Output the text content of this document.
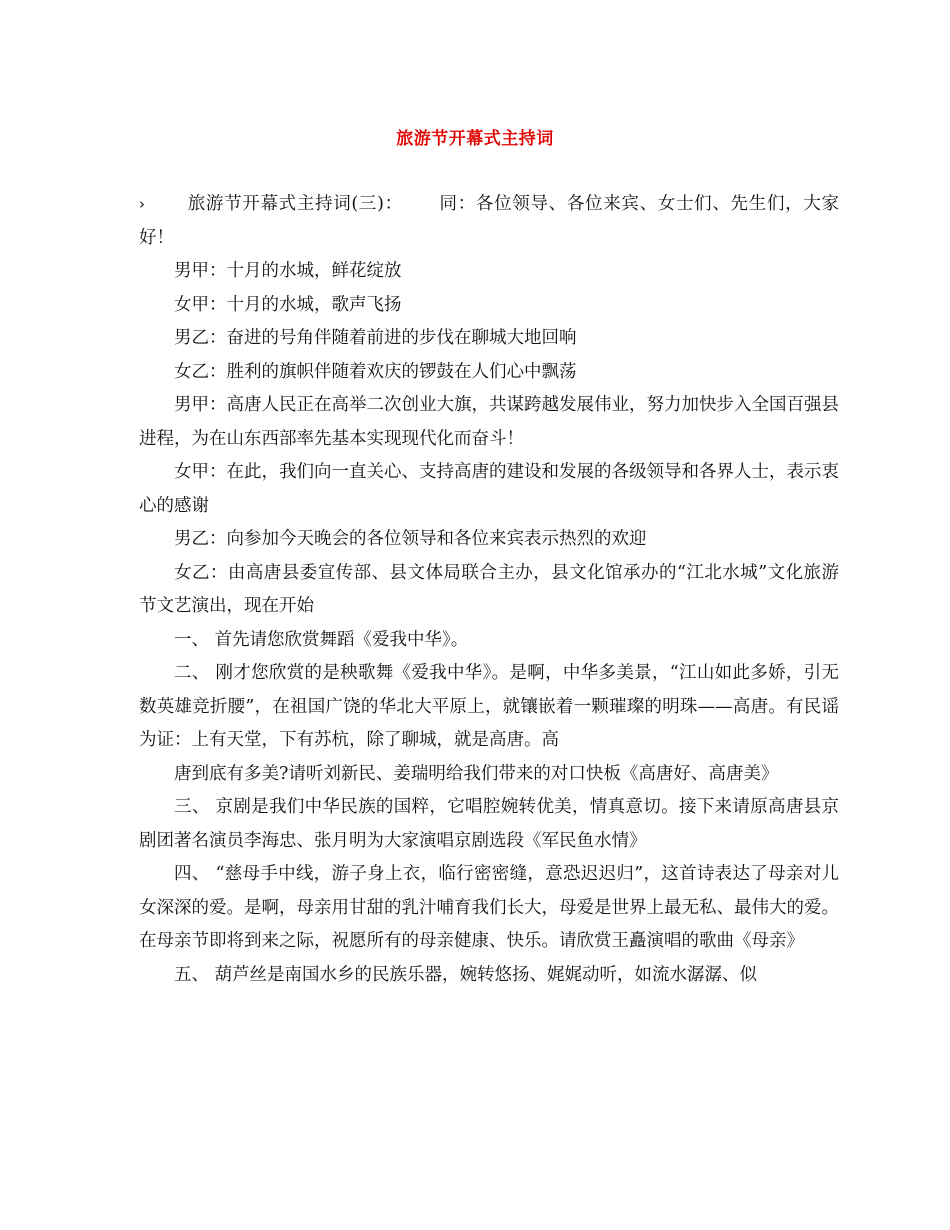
旅游节开幕式主持词

› 旅游节开幕式主持词(三)： 同：各位领导、各位来宾、女士们、先生们，大家好！

男甲：十月的水城，鲜花绽放

女甲：十月的水城，歌声飞扬

男乙：奋进的号角伴随着前进的步伐在聊城大地回响

女乙：胜利的旗帜伴随着欢庆的锣鼓在人们心中飘荡

男甲：高唐人民正在高举二次创业大旗，共谋跨越发展伟业，努力加快步入全国百强县进程，为在山东西部率先基本实现现代化而奋斗！

女甲：在此，我们向一直关心、支持高唐的建设和发展的各级领导和各界人士，表示衷心的感谢

男乙：向参加今天晚会的各位领导和各位来宾表示热烈的欢迎

女乙：由高唐县委宣传部、县文体局联合主办，县文化馆承办的“江北水城”文化旅游节文艺演出，现在开始

一、 首先请您欣赏舞蹈《爱我中华》。

二、 刚才您欣赏的是秧歌舞《爱我中华》。是啊，中华多美景，“江山如此多娇，引无数英雄竞折腰”，在祖国广饶的华北大平原上，就镶嵌着一颗璀璨的明珠——高唐。有民谣为证：上有天堂，下有苏杭，除了聊城，就是高唐。高

唐到底有多美?请听刘新民、姜瑞明给我们带来的对口快板《高唐好、高唐美》

三、 京剧是我们中华民族的国粹，它唱腔婉转优美，情真意切。接下来请原高唐县京剧团著名演员李海忠、张月明为大家演唱京剧选段《军民鱼水情》

四、 “慈母手中线，游子身上衣，临行密密缝，意恐迟迟归”，这首诗表达了母亲对儿女深深的爱。是啊，母亲用甘甜的乳汁哺育我们长大，母爱是世界上最无私、最伟大的爱。在母亲节即将到来之际，祝愿所有的母亲健康、快乐。请欣赏王矗演唱的歌曲《母亲》

五、 葫芦丝是南国水乡的民族乐器，婉转悠扬、娓娓动听，如流水潺潺、似
